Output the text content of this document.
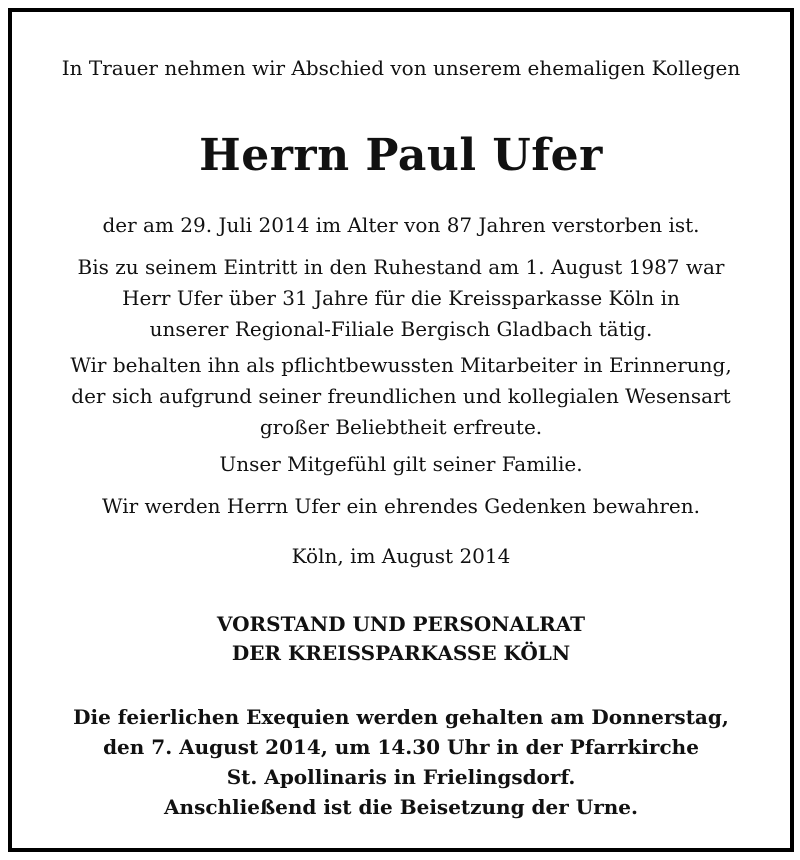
In Trauer nehmen wir Abschied von unserem ehemaligen Kollegen
Herrn Paul Ufer
der am 29. Juli 2014 im Alter von 87 Jahren verstorben ist.
Bis zu seinem Eintritt in den Ruhestand am 1. August 1987 war
Herr Ufer über 31 Jahre für die Kreissparkasse Köln in
unserer Regional-Filiale Bergisch Gladbach tätig.
Wir behalten ihn als pflichtbewussten Mitarbeiter in Erinnerung,
der sich aufgrund seiner freundlichen und kollegialen Wesensart
großer Beliebtheit erfreute.
Unser Mitgefühl gilt seiner Familie.
Wir werden Herrn Ufer ein ehrendes Gedenken bewahren.
Köln, im August 2014
VORSTAND UND PERSONALRAT
DER KREISSPARKASSE KÖLN
Die feierlichen Exequien werden gehalten am Donnerstag,
den 7. August 2014, um 14.30 Uhr in der Pfarrkirche
St. Apollinaris in Frielingsdorf.
Anschließend ist die Beisetzung der Urne.
